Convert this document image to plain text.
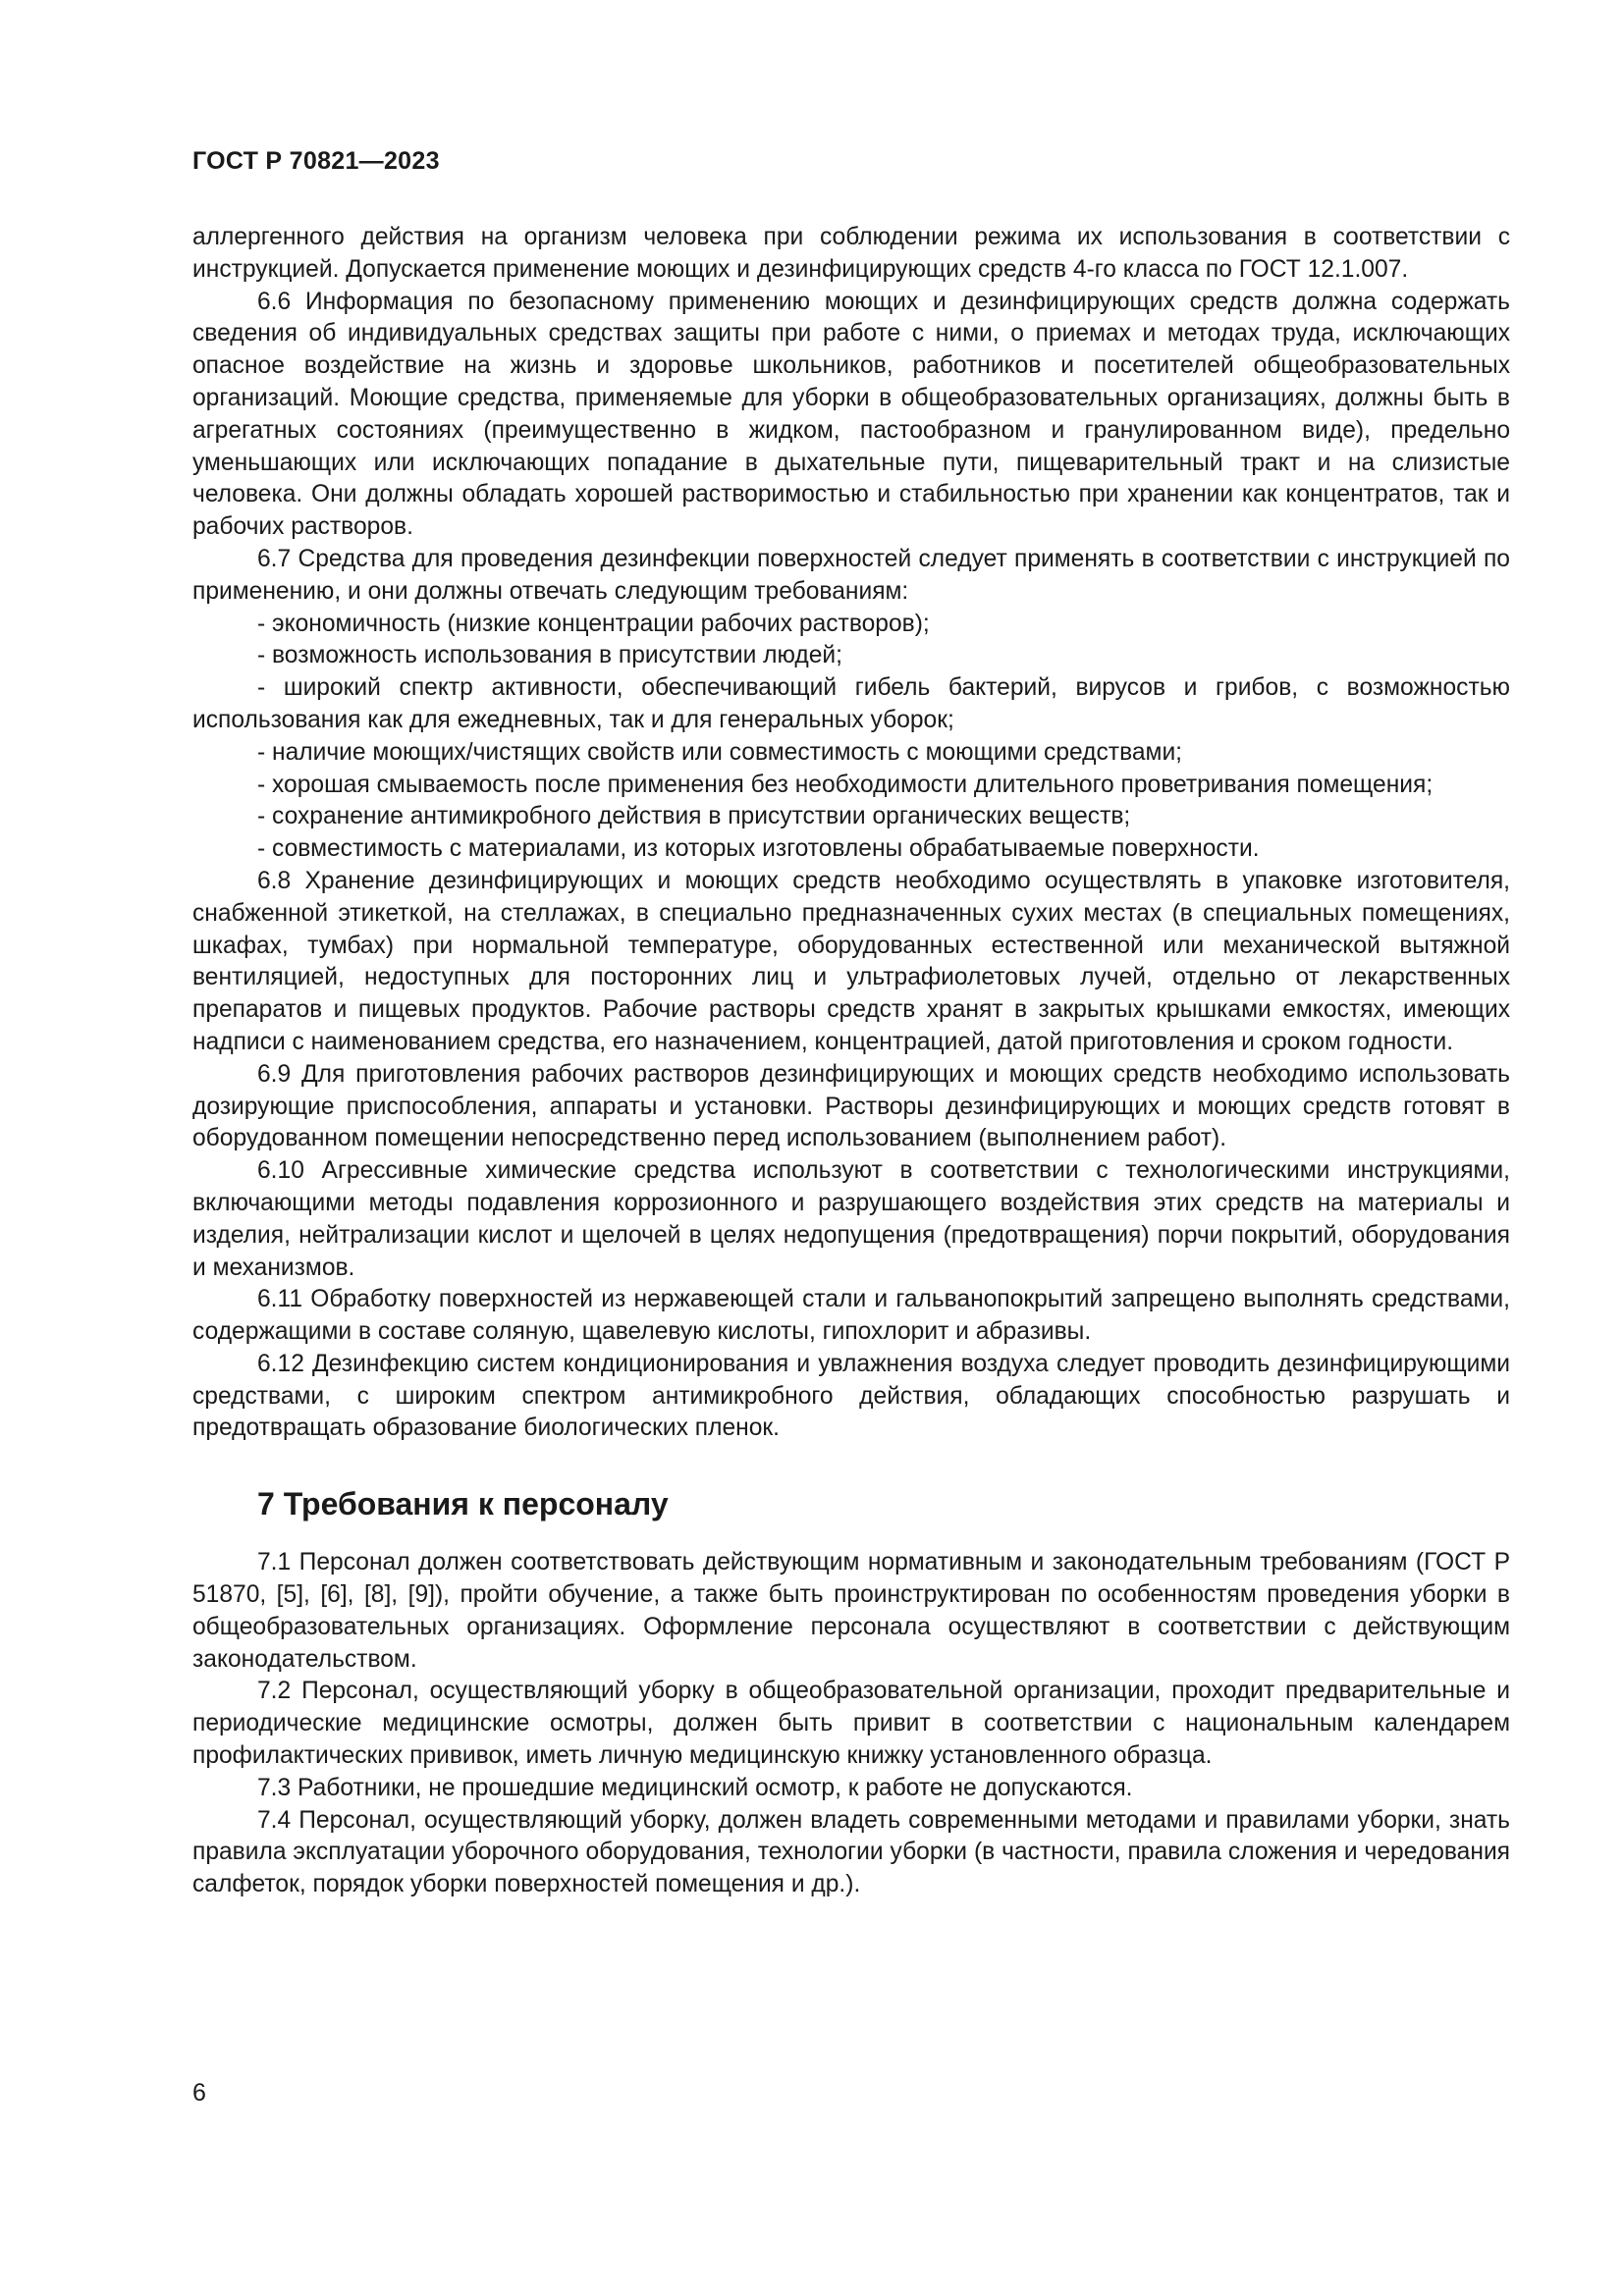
ГОСТ Р 70821—2023

аллергенного действия на организм человека при соблюдении режима их использования в соответствии с инструкцией. Допускается применение моющих и дезинфицирующих средств 4-го класса по ГОСТ 12.1.007.

6.6 Информация по безопасному применению моющих и дезинфицирующих средств должна содержать сведения об индивидуальных средствах защиты при работе с ними, о приемах и методах труда, исключающих опасное воздействие на жизнь и здоровье школьников, работников и посетителей общеобразовательных организаций. Моющие средства, применяемые для уборки в общеобразовательных организациях, должны быть в агрегатных состояниях (преимущественно в жидком, пастообразном и гранулированном виде), предельно уменьшающих или исключающих попадание в дыхательные пути, пищеварительный тракт и на слизистые человека. Они должны обладать хорошей растворимостью и стабильностью при хранении как концентратов, так и рабочих растворов.

6.7 Средства для проведения дезинфекции поверхностей следует применять в соответствии с инструкцией по применению, и они должны отвечать следующим требованиям:

- экономичность (низкие концентрации рабочих растворов);

- возможность использования в присутствии людей;

- широкий спектр активности, обеспечивающий гибель бактерий, вирусов и грибов, с возможностью использования как для ежедневных, так и для генеральных уборок;

- наличие моющих/чистящих свойств или совместимость с моющими средствами;

- хорошая смываемость после применения без необходимости длительного проветривания помещения;

- сохранение антимикробного действия в присутствии органических веществ;

- совместимость с материалами, из которых изготовлены обрабатываемые поверхности.

6.8 Хранение дезинфицирующих и моющих средств необходимо осуществлять в упаковке изготовителя, снабженной этикеткой, на стеллажах, в специально предназначенных сухих местах (в специальных помещениях, шкафах, тумбах) при нормальной температуре, оборудованных естественной или механической вытяжной вентиляцией, недоступных для посторонних лиц и ультрафиолетовых лучей, отдельно от лекарственных препаратов и пищевых продуктов. Рабочие растворы средств хранят в закрытых крышками емкостях, имеющих надписи с наименованием средства, его назначением, концентрацией, датой приготовления и сроком годности.

6.9 Для приготовления рабочих растворов дезинфицирующих и моющих средств необходимо использовать дозирующие приспособления, аппараты и установки. Растворы дезинфицирующих и моющих средств готовят в оборудованном помещении непосредственно перед использованием (выполнением работ).

6.10 Агрессивные химические средства используют в соответствии с технологическими инструкциями, включающими методы подавления коррозионного и разрушающего воздействия этих средств на материалы и изделия, нейтрализации кислот и щелочей в целях недопущения (предотвращения) порчи покрытий, оборудования и механизмов.

6.11 Обработку поверхностей из нержавеющей стали и гальванопокрытий запрещено выполнять средствами, содержащими в составе соляную, щавелевую кислоты, гипохлорит и абразивы.

6.12 Дезинфекцию систем кондиционирования и увлажнения воздуха следует проводить дезинфицирующими средствами, с широким спектром антимикробного действия, обладающих способностью разрушать и предотвращать образование биологических пленок.

7 Требования к персоналу

7.1 Персонал должен соответствовать действующим нормативным и законодательным требованиям (ГОСТ Р 51870, [5], [6], [8], [9]), пройти обучение, а также быть проинструктирован по особенностям проведения уборки в общеобразовательных организациях. Оформление персонала осуществляют в соответствии с действующим законодательством.

7.2 Персонал, осуществляющий уборку в общеобразовательной организации, проходит предварительные и периодические медицинские осмотры, должен быть привит в соответствии с национальным календарем профилактических прививок, иметь личную медицинскую книжку установленного образца.

7.3 Работники, не прошедшие медицинский осмотр, к работе не допускаются.

7.4 Персонал, осуществляющий уборку, должен владеть современными методами и правилами уборки, знать правила эксплуатации уборочного оборудования, технологии уборки (в частности, правила сложения и чередования салфеток, порядок уборки поверхностей помещения и др.).

6
